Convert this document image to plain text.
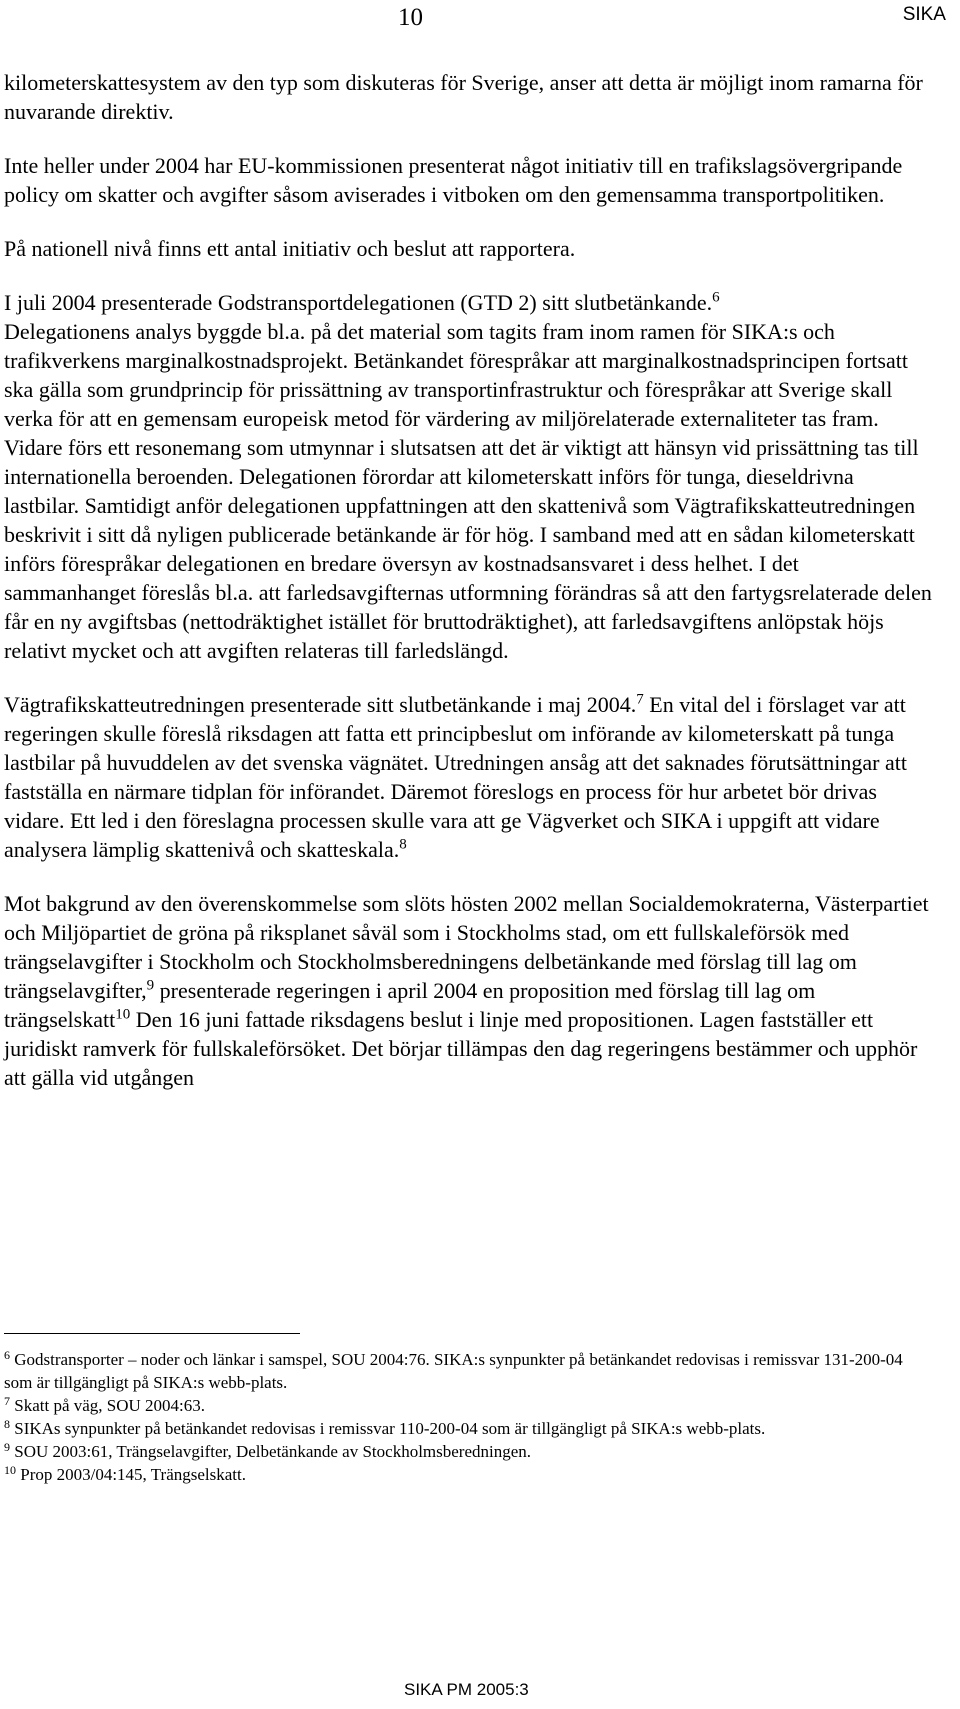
10	SIKA

kilometerskattesystem av den typ som diskuteras för Sverige, anser att detta är möjligt inom ramarna för nuvarande direktiv.

Inte heller under 2004 har EU-kommissionen presenterat något initiativ till en trafikslagsövergripande policy om skatter och avgifter såsom aviserades i vitboken om den gemensamma transportpolitiken.

På nationell nivå finns ett antal initiativ och beslut att rapportera.

I juli 2004 presenterade Godstransportdelegationen (GTD 2) sitt slutbetänkande.$^6$

Delegationens analys byggde bl.a. på det material som tagits fram inom ramen för SIKA:s och trafikverkens marginalkostnadsprojekt. Betänkandet förespråkar att marginalkostnadsprincipen fortsatt ska gälla som grundprincip för prissättning av transportinfrastruktur och förespråkar att Sverige skall verka för att en gemensam europeisk metod för värdering av miljörelaterade externaliteter tas fram. Vidare förs ett resonemang som utmynnar i slutsatsen att det är viktigt att hänsyn vid prissättning tas till internationella beroenden. Delegationen förordar att kilometerskatt införs för tunga, dieseldrivna lastbilar. Samtidigt anför delegationen uppfattningen att den skattenivå som Vägtrafikskatteutredningen beskrivit i sitt då nyligen publicerade betänkande är för hög. I samband med att en sådan kilometerskatt införs förespråkar delegationen en bredare översyn av kostnadsansvaret i dess helhet. I det sammanhanget föreslås bl.a. att farledsavgifternas utformning förändras så att den fartygsrelaterade delen får en ny avgiftsbas (nettodräktighet istället för bruttodräktighet), att farledsavgiftens anlöpstak höjs relativt mycket och att avgiften relateras till farledslängd.

Vägtrafikskatteutredningen presenterade sitt slutbetänkande i maj 2004.$^7$ En vital del i förslaget var att regeringen skulle föreslå riksdagen att fatta ett principbeslut om införande av kilometerskatt på tunga lastbilar på huvuddelen av det svenska vägnätet. Utredningen ansåg att det saknades förutsättningar att fastställa en närmare tidplan för införandet. Däremot föreslogs en process för hur arbetet bör drivas vidare. Ett led i den föreslagna processen skulle vara att ge Vägverket och SIKA i uppgift att vidare analysera lämplig skattenivå och skatteskala.$^8$

Mot bakgrund av den överenskommelse som slöts hösten 2002 mellan Socialdemokraterna, Västerpartiet och Miljöpartiet de gröna på riksplanet såväl som i Stockholms stad, om ett fullskaleförsök med trängselavgifter i Stockholm och Stockholmsberedningens delbetänkande med förslag till lag om trängselavgifter,$^9$ presenterade regeringen i april 2004 en proposition med förslag till lag om trängselskatt$^{10}$ Den 16 juni fattade riksdagens beslut i linje med propositionen. Lagen fastställer ett juridiskt ramverk för fullskaleförsöket. Det börjar tillämpas den dag regeringens bestämmer och upphör att gälla vid utgången

$^6$ Godstransporter – noder och länkar i samspel, SOU 2004:76. SIKA:s synpunkter på betänkandet redovisas i remissvar 131-200-04 som är tillgängligt på SIKA:s webb-plats.

$^7$ Skatt på väg, SOU 2004:63.

$^8$ SIKAs synpunkter på betänkandet redovisas i remissvar 110-200-04 som är tillgängligt på SIKA:s webb-plats.

$^9$ SOU 2003:61, Trängselavgifter, Delbetänkande av Stockholmsberedningen.

$^{10}$ Prop 2003/04:145, Trängselskatt.

SIKA PM 2005:3
